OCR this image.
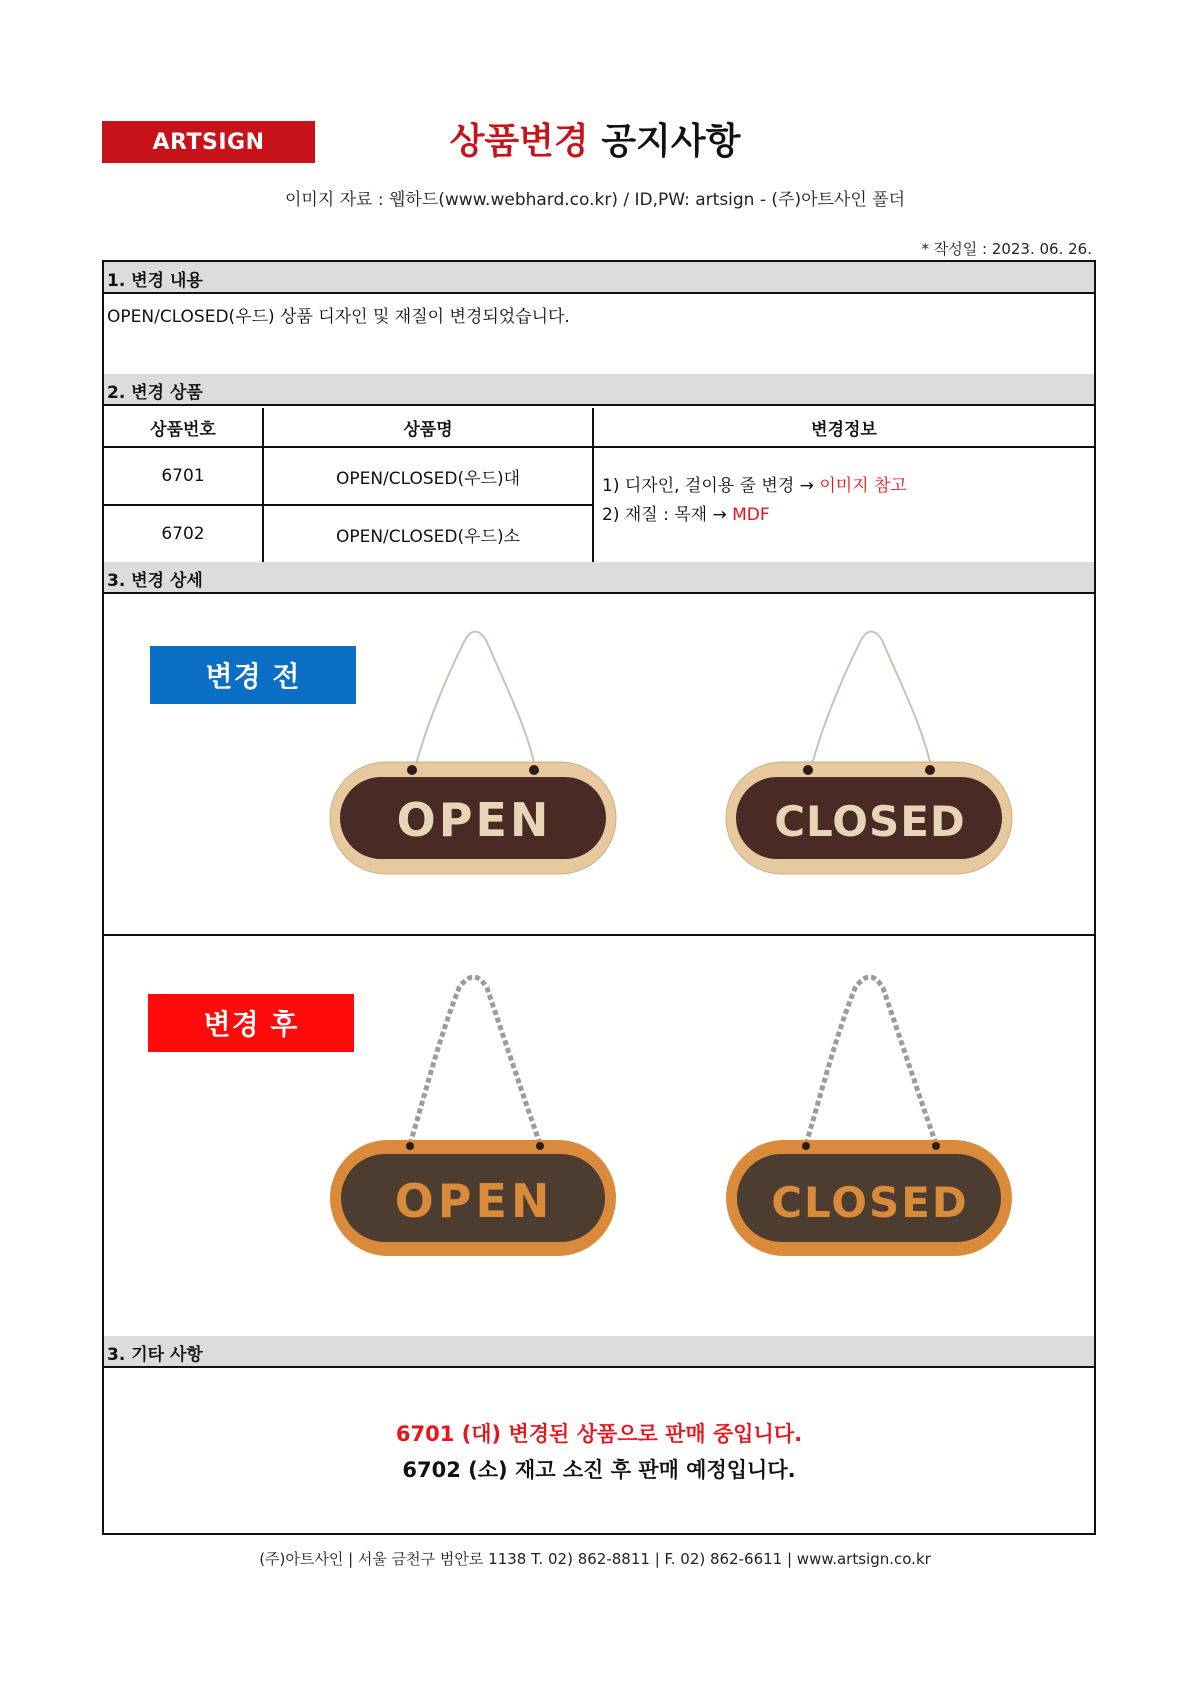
ARTSIGN	상품변경 공지사항
이미지 자료 : 웹하드(www.webhard.co.kr) / ID,PW: artsign - (주)아트사인 폴더
* 작성일 : 2023. 06. 26.
1. 변경 내용
OPEN/CLOSED(우드) 상품 디자인 및 재질이 변경되었습니다.
2. 변경 상품
상품번호	상품명	변경정보
6701	OPEN/CLOSED(우드)대
6702	OPEN/CLOSED(우드)소
1) 디자인, 걸이용 줄 변경 → 이미지 참고
2) 재질 : 목재 → MDF
3. 변경 상세
변경 전
OPEN	CLOSED
변경 후
OPEN	CLOSED
3. 기타 사항
6701 (대) 변경된 상품으로 판매 중입니다.
6702 (소) 재고 소진 후 판매 예정입니다.
(주)아트사인 | 서울 금천구 범안로 1138 T. 02) 862-8811 | F. 02) 862-6611 | www.artsign.co.kr
